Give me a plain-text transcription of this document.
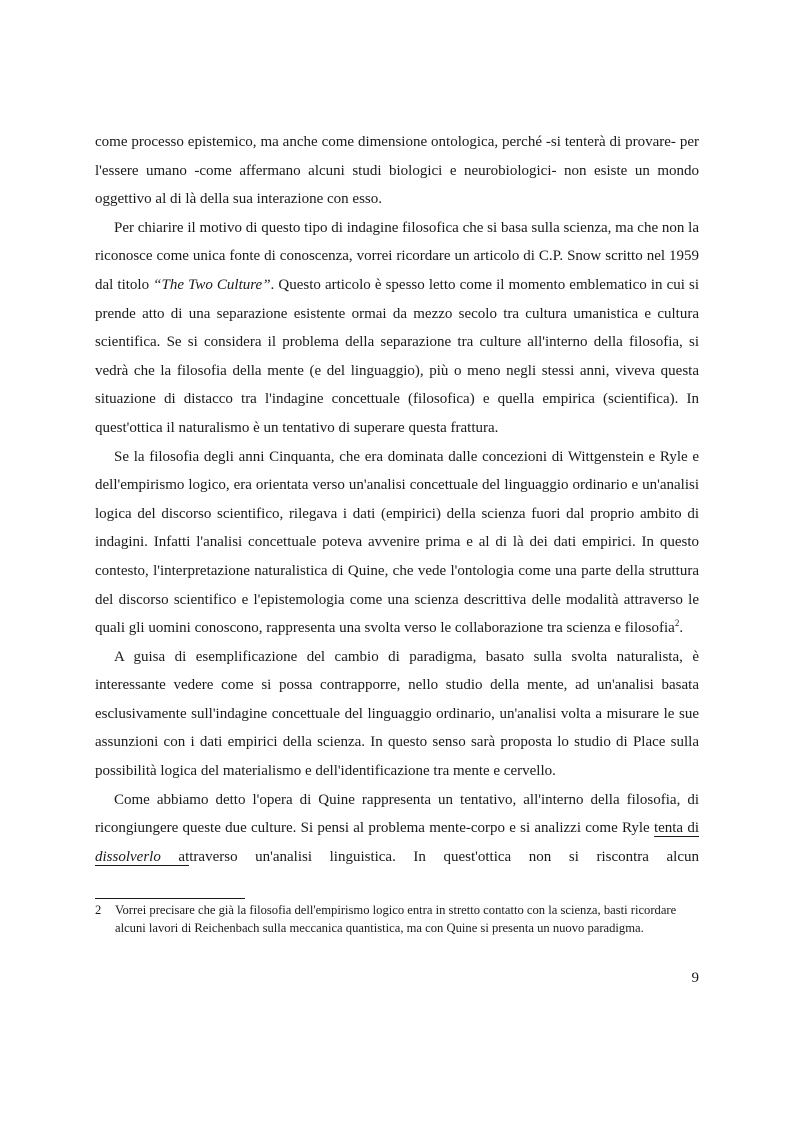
come processo epistemico, ma anche come dimensione ontologica, perché -si tenterà di provare- per l'essere umano -come affermano alcuni studi biologici e neurobiologici- non esiste un mondo oggettivo al di là della sua interazione con esso.

Per chiarire il motivo di questo tipo di indagine filosofica che si basa sulla scienza, ma che non la riconosce come unica fonte di conoscenza, vorrei ricordare un articolo di C.P. Snow scritto nel 1959 dal titolo “The Two Culture”. Questo articolo è spesso letto come il momento emblematico in cui si prende atto di una separazione esistente ormai da mezzo secolo tra cultura umanistica e cultura scientifica. Se si considera il problema della separazione tra culture all'interno della filosofia, si vedrà che la filosofia della mente (e del linguaggio), più o meno negli stessi anni, viveva questa situazione di distacco tra l'indagine concettuale (filosofica) e quella empirica (scientifica). In quest'ottica il naturalismo è un tentativo di superare questa frattura.

Se la filosofia degli anni Cinquanta, che era dominata dalle concezioni di Wittgenstein e Ryle e dell'empirismo logico, era orientata verso un'analisi concettuale del linguaggio ordinario e un'analisi logica del discorso scientifico, rilegava i dati (empirici) della scienza fuori dal proprio ambito di indagini. Infatti l'analisi concettuale poteva avvenire prima e al di là dei dati empirici. In questo contesto, l'interpretazione naturalistica di Quine, che vede l'ontologia come una parte della struttura del discorso scientifico e l'epistemologia come una scienza descrittiva delle modalità attraverso le quali gli uomini conoscono, rappresenta una svolta verso le collaborazione tra scienza e filosofia$^2$.

A guisa di esemplificazione del cambio di paradigma, basato sulla svolta naturalista, è interessante vedere come si possa contrapporre, nello studio della mente, ad un'analisi basata esclusivamente sull'indagine concettuale del linguaggio ordinario, un'analisi volta a misurare le sue assunzioni con i dati empirici della scienza. In questo senso sarà proposta lo studio di Place sulla possibilità logica del materialismo e dell'identificazione tra mente e cervello.

Come abbiamo detto l'opera di Quine rappresenta un tentativo, all'interno della filosofia, di ricongiungere queste due culture. Si pensi al problema mente-corpo e si analizzi come Ryle tenta di dissolverlo attraverso un'analisi linguistica. In quest'ottica non si riscontra alcun

2 Vorrei precisare che già la filosofia dell'empirismo logico entra in stretto contatto con la scienza, basti ricordare alcuni lavori di Reichenbach sulla meccanica quantistica, ma con Quine si presenta un nuovo paradigma.
9
